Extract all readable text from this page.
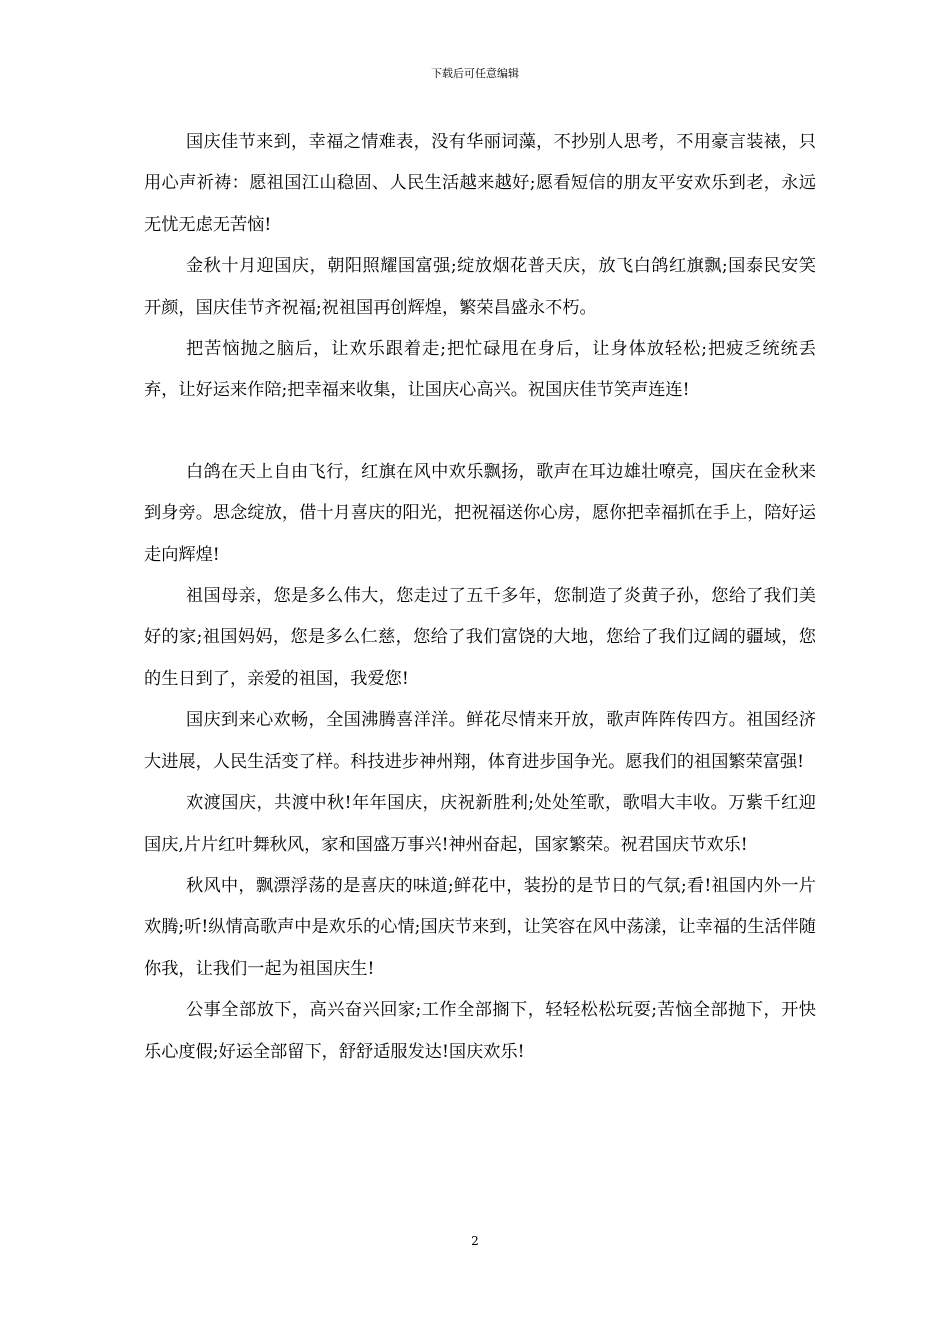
下载后可任意编辑

国庆佳节来到，幸福之情难表，没有华丽词藻，不抄别人思考，不用豪言装裱，只用心声祈祷：愿祖国江山稳固、人民生活越来越好;愿看短信的朋友平安欢乐到老，永远无忧无虑无苦恼!

金秋十月迎国庆，朝阳照耀国富强;绽放烟花普天庆，放飞白鸽红旗飘;国泰民安笑开颜，国庆佳节齐祝福;祝祖国再创辉煌，繁荣昌盛永不朽。

把苦恼抛之脑后，让欢乐跟着走;把忙碌甩在身后，让身体放轻松;把疲乏统统丢弃，让好运来作陪;把幸福来收集，让国庆心高兴。祝国庆佳节笑声连连!

白鸽在天上自由飞行，红旗在风中欢乐飘扬，歌声在耳边雄壮嘹亮，国庆在金秋来到身旁。思念绽放，借十月喜庆的阳光，把祝福送你心房，愿你把幸福抓在手上，陪好运走向辉煌!

祖国母亲，您是多么伟大，您走过了五千多年，您制造了炎黄子孙，您给了我们美好的家;祖国妈妈，您是多么仁慈，您给了我们富饶的大地，您给了我们辽阔的疆域，您的生日到了，亲爱的祖国，我爱您!

国庆到来心欢畅，全国沸腾喜洋洋。鲜花尽情来开放，歌声阵阵传四方。祖国经济大进展，人民生活变了样。科技进步神州翔，体育进步国争光。愿我们的祖国繁荣富强!

欢渡国庆，共渡中秋!年年国庆，庆祝新胜利;处处笙歌，歌唱大丰收。万紫千红迎国庆,片片红叶舞秋风，家和国盛万事兴!神州奋起，国家繁荣。祝君国庆节欢乐!

秋风中，飘漂浮荡的是喜庆的味道;鲜花中，装扮的是节日的气氛;看!祖国内外一片欢腾;听!纵情高歌声中是欢乐的心情;国庆节来到，让笑容在风中荡漾，让幸福的生活伴随你我，让我们一起为祖国庆生!

公事全部放下，高兴奋兴回家;工作全部搁下，轻轻松松玩耍;苦恼全部抛下，开快乐心度假;好运全部留下，舒舒适服发达!国庆欢乐!

2
